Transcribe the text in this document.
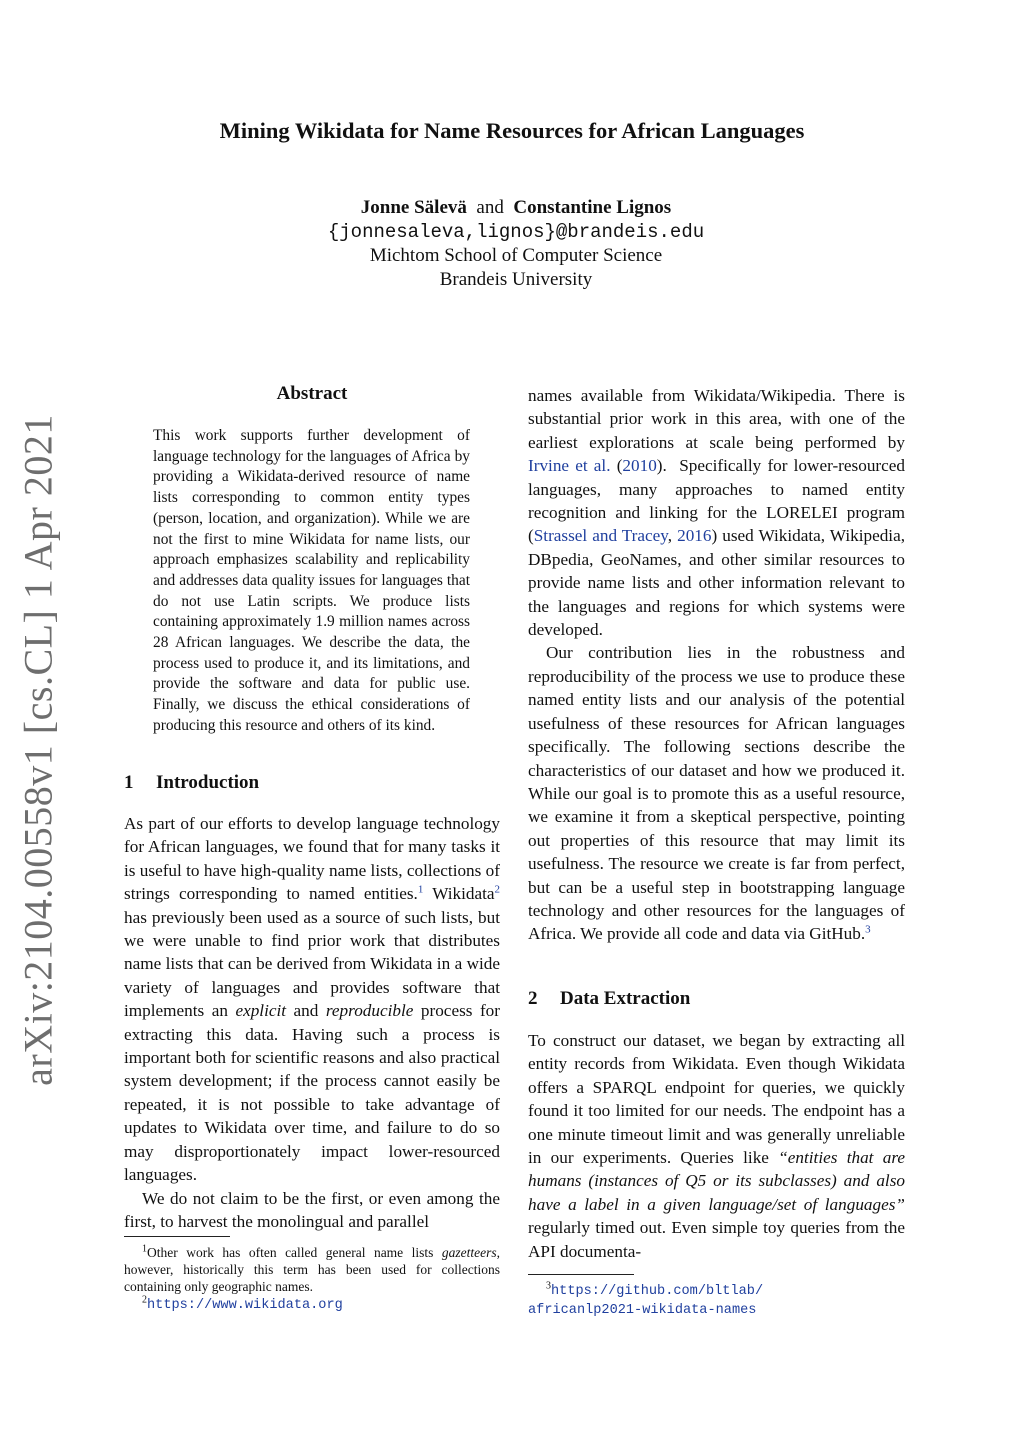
arXiv:2104.00558v1 [cs.CL] 1 Apr 2021
Mining Wikidata for Name Resources for African Languages
Jonne Sälevä and Constantine Lignos
{jonnesaleva,lignos}@brandeis.edu
Michtom School of Computer Science
Brandeis University
Abstract

This work supports further development of language technology for the languages of Africa by providing a Wikidata-derived resource of name lists corresponding to common entity types (person, location, and organization). While we are not the first to mine Wikidata for name lists, our approach emphasizes scalability and replicability and addresses data quality issues for languages that do not use Latin scripts. We produce lists containing approximately 1.9 million names across 28 African languages. We describe the data, the process used to produce it, and its limitations, and provide the software and data for public use. Finally, we discuss the ethical considerations of producing this resource and others of its kind.

1 Introduction

As part of our efforts to develop language technology for African languages, we found that for many tasks it is useful to have high-quality name lists, collections of strings corresponding to named entities.$^1$ Wikidata$^2$ has previously been used as a source of such lists, but we were unable to find prior work that distributes name lists that can be derived from Wikidata in a wide variety of languages and provides software that implements an explicit and reproducible process for extracting this data. Having such a process is important both for scientific reasons and also practical system development; if the process cannot easily be repeated, it is not possible to take advantage of updates to Wikidata over time, and failure to do so may disproportionately impact lower-resourced languages.

We do not claim to be the first, or even among the first, to harvest the monolingual and parallel

$^1$Other work has often called general name lists gazetteers, however, historically this term has been used for collections containing only geographic names.

$^2$https://www.wikidata.org

names available from Wikidata/Wikipedia. There is substantial prior work in this area, with one of the earliest explorations at scale being performed by Irvine et al. (2010).  Specifically for lower-resourced languages, many approaches to named entity recognition and linking for the LORELEI program (Strassel and Tracey, 2016) used Wikidata, Wikipedia, DBpedia, GeoNames, and other similar resources to provide name lists and other information relevant to the languages and regions for which systems were developed.

Our contribution lies in the robustness and reproducibility of the process we use to produce these named entity lists and our analysis of the potential usefulness of these resources for African languages specifically. The following sections describe the characteristics of our dataset and how we produced it. While our goal is to promote this as a useful resource, we examine it from a skeptical perspective, pointing out properties of this resource that may limit its usefulness. The resource we create is far from perfect, but can be a useful step in bootstrapping language technology and other resources for the languages of Africa. We provide all code and data via GitHub.$^3$

2 Data Extraction

To construct our dataset, we began by extracting all entity records from Wikidata. Even though Wikidata offers a SPARQL endpoint for queries, we quickly found it too limited for our needs. The endpoint has a one minute timeout limit and was generally unreliable in our experiments. Queries like “entities that are humans (instances of Q5 or its subclasses) and also have a label in a given language/set of languages” regularly timed out. Even simple toy queries from the API documenta-

$^3$https://github.com/bltlab/

africanlp2021-wikidata-names
